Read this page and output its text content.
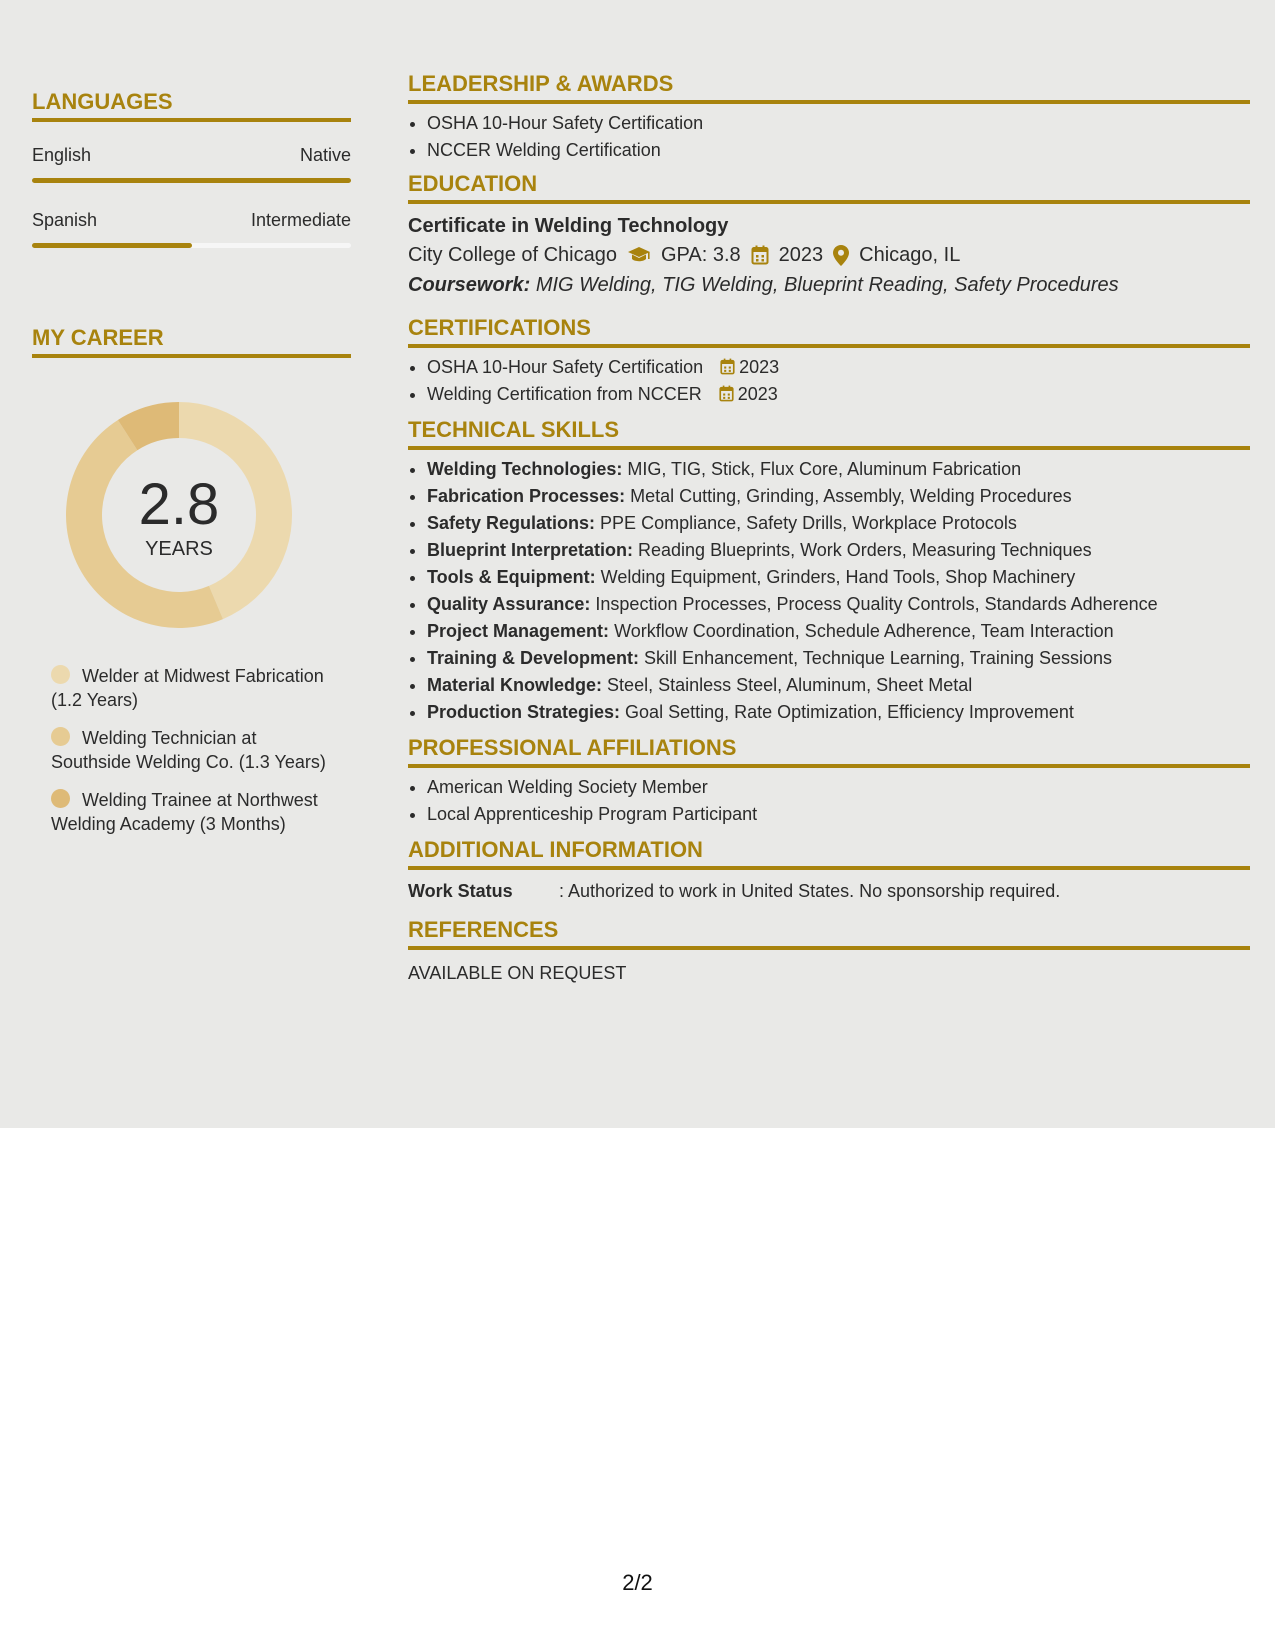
LANGUAGES
English	Native
Spanish	Intermediate
MY CAREER
2.8
YEARS
Welder at Midwest Fabrication (1.2 Years)
Welding Technician at Southside Welding Co. (1.3 Years)
Welding Trainee at Northwest Welding Academy (3 Months)
LEADERSHIP & AWARDS
• OSHA 10-Hour Safety Certification
• NCCER Welding Certification
EDUCATION
Certificate in Welding Technology
City College of Chicago GPA: 3.8 2023 Chicago, IL
Coursework: MIG Welding, TIG Welding, Blueprint Reading, Safety Procedures
CERTIFICATIONS
• OSHA 10-Hour Safety Certification 2023
• Welding Certification from NCCER 2023
TECHNICAL SKILLS
• Welding Technologies: MIG, TIG, Stick, Flux Core, Aluminum Fabrication
• Fabrication Processes: Metal Cutting, Grinding, Assembly, Welding Procedures
• Safety Regulations: PPE Compliance, Safety Drills, Workplace Protocols
• Blueprint Interpretation: Reading Blueprints, Work Orders, Measuring Techniques
• Tools & Equipment: Welding Equipment, Grinders, Hand Tools, Shop Machinery
• Quality Assurance: Inspection Processes, Process Quality Controls, Standards Adherence
• Project Management: Workflow Coordination, Schedule Adherence, Team Interaction
• Training & Development: Skill Enhancement, Technique Learning, Training Sessions
• Material Knowledge: Steel, Stainless Steel, Aluminum, Sheet Metal
• Production Strategies: Goal Setting, Rate Optimization, Efficiency Improvement
PROFESSIONAL AFFILIATIONS
• American Welding Society Member
• Local Apprenticeship Program Participant
ADDITIONAL INFORMATION
Work Status	: Authorized to work in United States. No sponsorship required.
REFERENCES
AVAILABLE ON REQUEST
2/2
